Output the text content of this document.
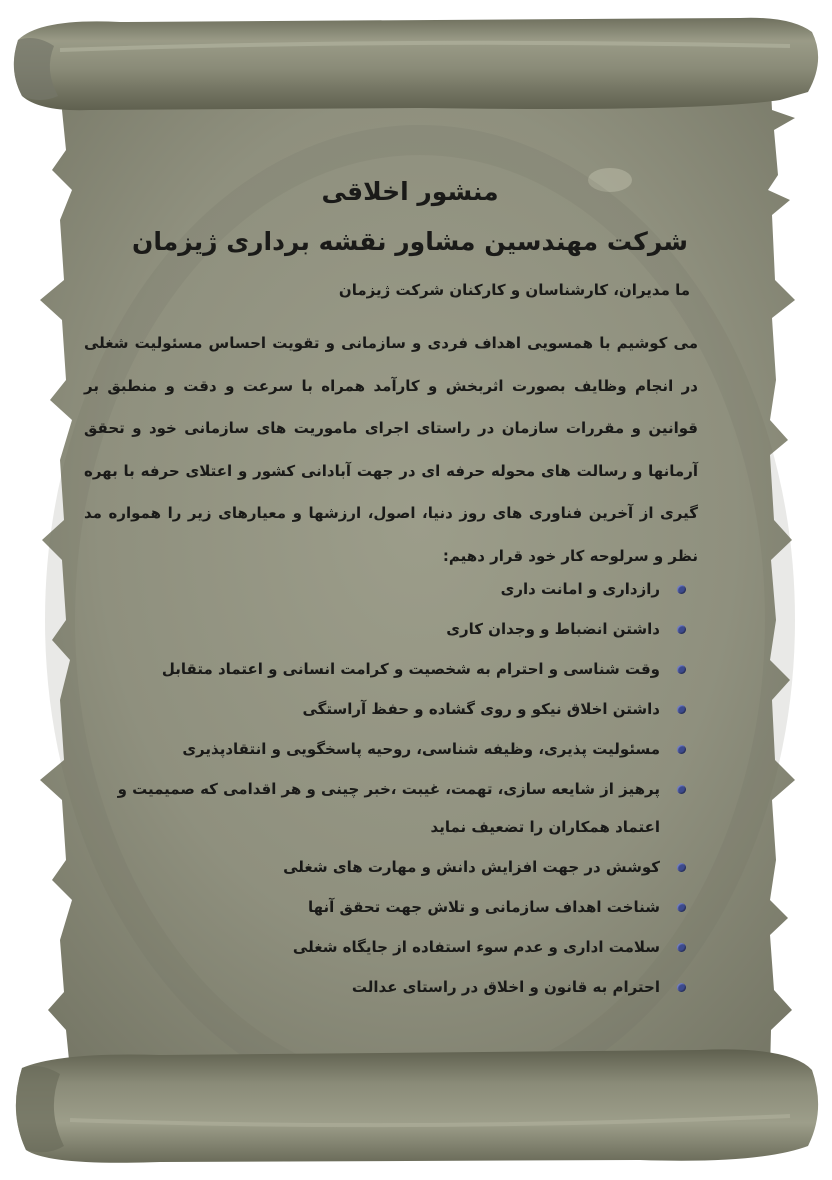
منشور اخلاقی
شرکت مهندسین مشاور نقشه برداری ژیزمان

ما مدیران، کارشناسان و کارکنان شرکت ژیزمان

می کوشیم با همسویی اهداف فردی و سازمانی و تقویت احساس مسئولیت شغلی در انجام وظایف بصورت اثربخش و کارآمد همراه با سرعت و دقت و منطبق بر قوانین و مقررات سازمان در راستای اجرای ماموریت های سازمانی خود و تحقق آرمانها و رسالت های محوله حرفه ای در جهت آبادانی کشور و اعتلای حرفه با بهره گیری از آخرین فناوری های روز دنیا، اصول، ارزشها و معیارهای زیر را همواره مد نظر و سرلوحه کار خود قرار دهیم:

رازداری و امانت داری
داشتن انضباط و وجدان کاری
وقت شناسی و احترام به شخصیت و کرامت انسانی و اعتماد متقابل
داشتن اخلاق نیکو و روی گشاده و حفظ آراستگی
مسئولیت پذیری، وظیفه شناسی، روحیه پاسخگویی و انتقادپذیری
پرهیز از شایعه سازی، تهمت، غیبت ،خبر چینی و هر اقدامی که صمیمیت و اعتماد همکاران را تضعیف نماید
کوشش در جهت افزایش دانش و مهارت های شغلی
شناخت اهداف سازمانی و تلاش جهت تحقق آنها
سلامت اداری و عدم سوء استفاده از جایگاه شغلی
احترام به قانون و اخلاق در راستای عدالت
